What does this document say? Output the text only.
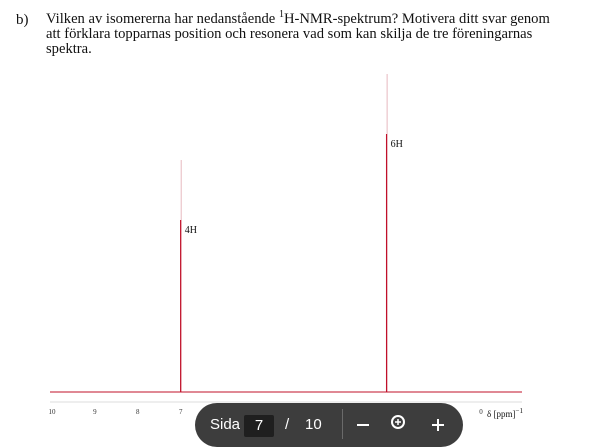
b) Vilken av isomererna har nedanstående $^1$H-NMR-spektrum? Motivera ditt svar genom att förklara topparnas position och resonera vad som kan skilja de tre föreningarnas spektra.
10	9	8	7	0
4H
6H
δ [ppm]$^{-1}$
Sida 7	/ 10
